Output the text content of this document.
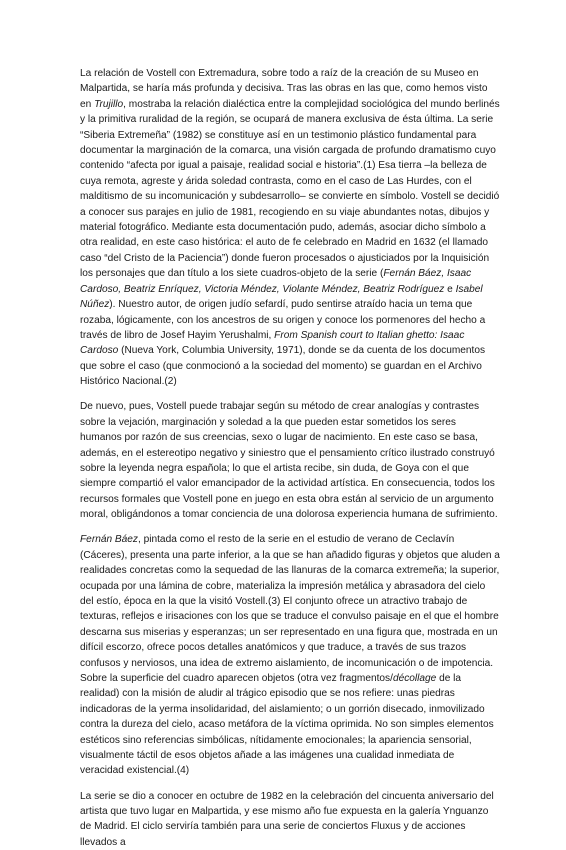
La relación de Vostell con Extremadura, sobre todo a raíz de la creación de su Museo en Malpartida, se haría más profunda y decisiva. Tras las obras en las que, como hemos visto en Trujillo, mostraba la relación dialéctica entre la complejidad sociológica del mundo berlinés y la primitiva ruralidad de la región, se ocupará de manera exclusiva de ésta última. La serie “Siberia Extremeña” (1982) se constituye así en un testimonio plástico fundamental para documentar la marginación de la comarca, una visión cargada de profundo dramatismo cuyo contenido “afecta por igual a paisaje, realidad social e historia”.(1) Esa tierra –la belleza de cuya remota, agreste y árida soledad contrasta, como en el caso de Las Hurdes, con el malditismo de su incomunicación y subdesarrollo– se convierte en símbolo. Vostell se decidió a conocer sus parajes en julio de 1981, recogiendo en su viaje abundantes notas, dibujos y material fotográfico. Mediante esta documentación pudo, además, asociar dicho símbolo a otra realidad, en este caso histórica: el auto de fe celebrado en Madrid en 1632 (el llamado caso “del Cristo de la Paciencia”) donde fueron procesados o ajusticiados por la Inquisición los personajes que dan título a los siete cuadros-objeto de la serie (Fernán Báez, Isaac Cardoso, Beatriz Enríquez, Victoria Méndez, Violante Méndez, Beatriz Rodríguez e Isabel Núñez). Nuestro autor, de origen judío sefardí, pudo sentirse atraído hacia un tema que rozaba, lógicamente, con los ancestros de su origen y conoce los pormenores del hecho a través de libro de Josef Hayim Yerushalmi, From Spanish court to Italian ghetto: Isaac Cardoso (Nueva York, Columbia University, 1971), donde se da cuenta de los documentos que sobre el caso (que conmocionó a la sociedad del momento) se guardan en el Archivo Histórico Nacional.(2)

De nuevo, pues, Vostell puede trabajar según su método de crear analogías y contrastes sobre la vejación, marginación y soledad a la que pueden estar sometidos los seres humanos por razón de sus creencias, sexo o lugar de nacimiento. En este caso se basa, además, en el estereotipo negativo y siniestro que el pensamiento crítico ilustrado construyó sobre la leyenda negra española; lo que el artista recibe, sin duda, de Goya con el que siempre compartió el valor emancipador de la actividad artística. En consecuencia, todos los recursos formales que Vostell pone en juego en esta obra están al servicio de un argumento moral, obligándonos a tomar conciencia de una dolorosa experiencia humana de sufrimiento.

Fernán Báez, pintada como el resto de la serie en el estudio de verano de Ceclavín (Cáceres), presenta una parte inferior, a la que se han añadido figuras y objetos que aluden a realidades concretas como la sequedad de las llanuras de la comarca extremeña; la superior, ocupada por una lámina de cobre, materializa la impresión metálica y abrasadora del cielo del estío, época en la que la visitó Vostell.(3) El conjunto ofrece un atractivo trabajo de texturas, reflejos e irisaciones con los que se traduce el convulso paisaje en el que el hombre descarna sus miserias y esperanzas; un ser representado en una figura que, mostrada en un difícil escorzo, ofrece pocos detalles anatómicos y que traduce, a través de sus trazos confusos y nerviosos, una idea de extremo aislamiento, de incomunicación o de impotencia. Sobre la superficie del cuadro aparecen objetos (otra vez fragmentos/décollage de la realidad) con la misión de aludir al trágico episodio que se nos refiere: unas piedras indicadoras de la yerma insolidaridad, del aislamiento; o un gorrión disecado, inmovilizado contra la dureza del cielo, acaso metáfora de la víctima oprimida. No son simples elementos estéticos sino referencias simbólicas, nítidamente emocionales; la apariencia sensorial, visualmente táctil de esos objetos añade a las imágenes una cualidad inmediata de veracidad existencial.(4)

La serie se dio a conocer en octubre de 1982 en la celebración del cincuenta aniversario del artista que tuvo lugar en Malpartida, y ese mismo año fue expuesta en la galería Ynguanzo de Madrid. El ciclo serviría también para una serie de conciertos Fluxus y de acciones llevados a
